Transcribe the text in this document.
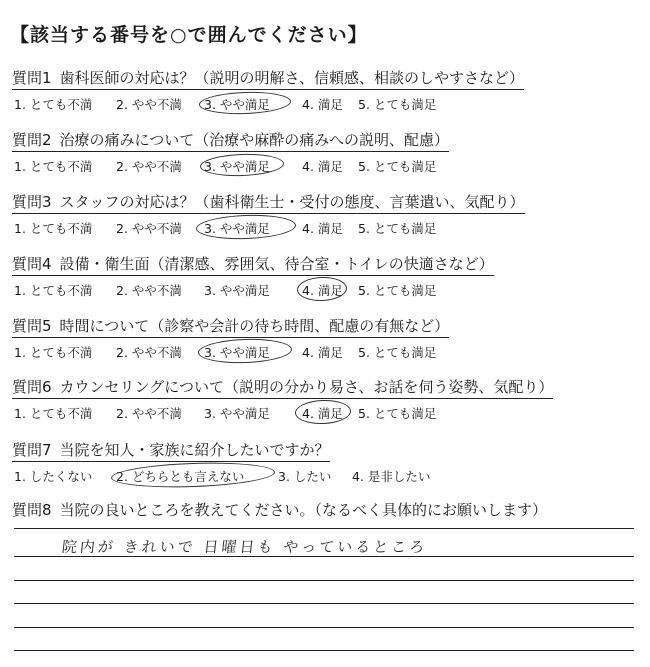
【該当する番号を○で囲んでください】
質問1 歯科医師の対応は？（説明の明解さ、信頼感、相談のしやすさなど）
1. とても不満 2. やや不満 3. やや満足	4. 満足 5. とても満足
質問2 治療の痛みについて（治療や麻酔の痛みへの説明、配慮）
1. とても不満 2. やや不満 3. やや満足	4. 満足 5. とても満足
質問3 スタッフの対応は？（歯科衛生士・受付の態度、言葉遣い、気配り）
1. とても不満 2. やや不満 3. やや満足	4. 満足 5. とても満足
質問4 設備・衛生面（清潔感、雰囲気、待合室・トイレの快適さなど）
1. とても不満 2. やや不満 3. やや満足	4. 満足 5. とても満足
質問5 時間について（診察や会計の待ち時間、配慮の有無など）
1. とても不満 2. やや不満 3. やや満足	4. 満足 5. とても満足
質問6 カウンセリングについて（説明の分かり易さ、お話を伺う姿勢、気配り）
1. とても不満 2. やや不満 3. やや満足	4. 満足 5. とても満足
質問7 当院を知人・家族に紹介したいですか？
1. したくない 2. どちらとも言えない	3. したい 4. 是非したい
質問8 当院の良いところを教えてください。（なるべく具体的にお願いします）
院内が きれいで 日曜日も やっているところ
